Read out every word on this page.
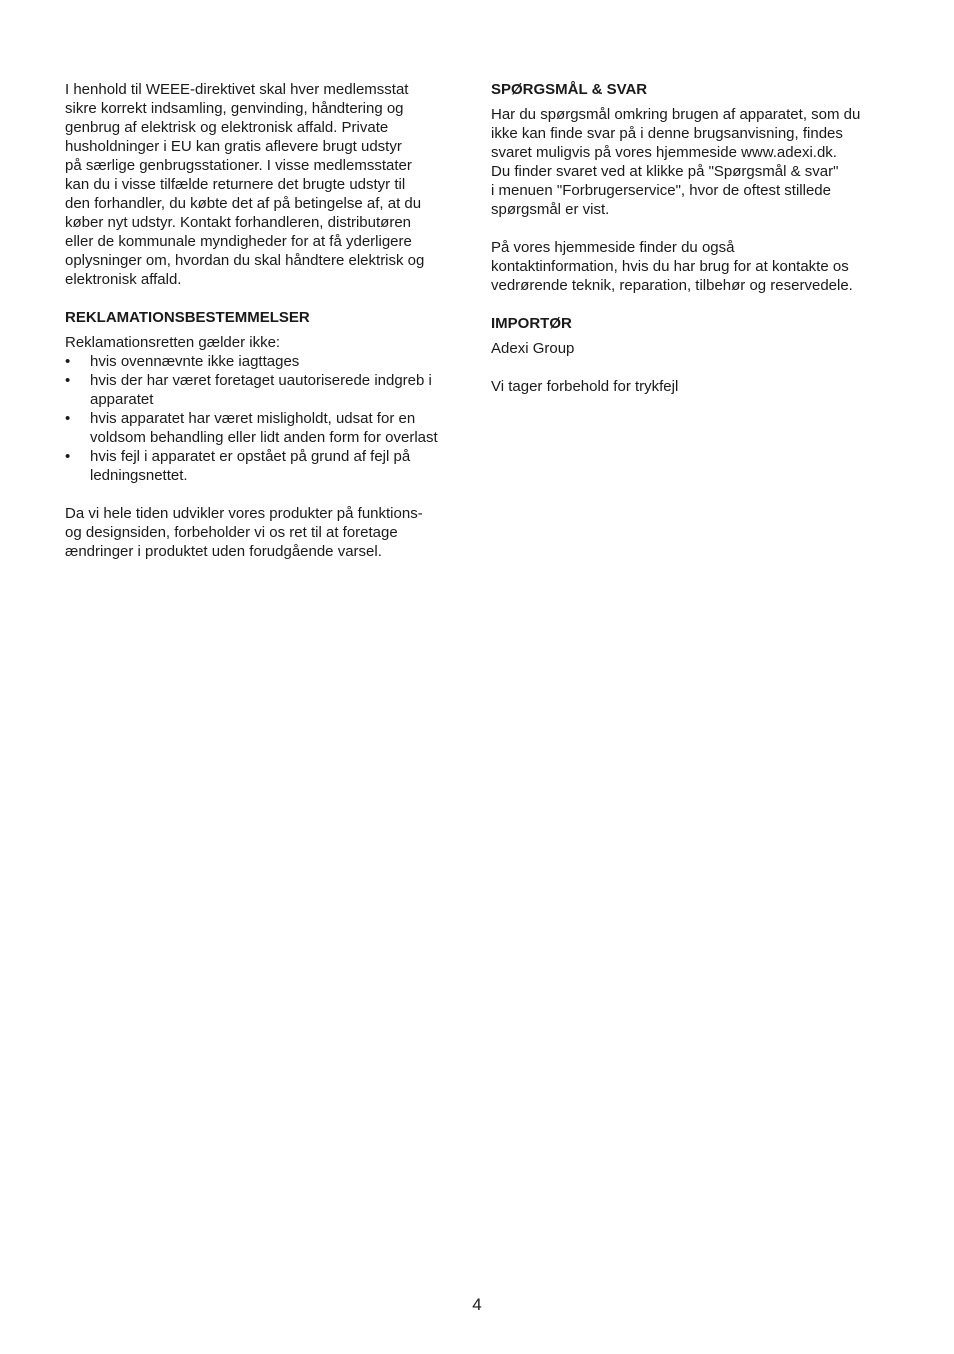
I henhold til WEEE-direktivet skal hver medlemsstat
sikre korrekt indsamling, genvinding, håndtering og
genbrug af elektrisk og elektronisk affald. Private
husholdninger i EU kan gratis aflevere brugt udstyr
på særlige genbrugsstationer. I visse medlemsstater
kan du i visse tilfælde returnere det brugte udstyr til
den forhandler, du købte det af på betingelse af, at du
køber nyt udstyr. Kontakt forhandleren, distributøren
eller de kommunale myndigheder for at få yderligere
oplysninger om, hvordan du skal håndtere elektrisk og
elektronisk affald.
REKLAMATIONSBESTEMMELSER
Reklamationsretten gælder ikke:
• hvis ovennævnte ikke iagttages
• hvis der har været foretaget uautoriserede indgreb i
apparatet
• hvis apparatet har været misligholdt, udsat for en
voldsom behandling eller lidt anden form for overlast
• hvis fejl i apparatet er opstået på grund af fejl på
ledningsnettet.
Da vi hele tiden udvikler vores produkter på funktions-
og designsiden, forbeholder vi os ret til at foretage
ændringer i produktet uden forudgående varsel.
SPØRGSMÅL & SVAR
Har du spørgsmål omkring brugen af apparatet, som du
ikke kan finde svar på i denne brugsanvisning, findes
svaret muligvis på vores hjemmeside www.adexi.dk.
Du finder svaret ved at klikke på "Spørgsmål & svar"
i menuen "Forbrugerservice", hvor de oftest stillede
spørgsmål er vist.
På vores hjemmeside finder du også
kontaktinformation, hvis du har brug for at kontakte os
vedrørende teknik, reparation, tilbehør og reservedele.
IMPORTØR
Adexi Group
Vi tager forbehold for trykfejl
4
